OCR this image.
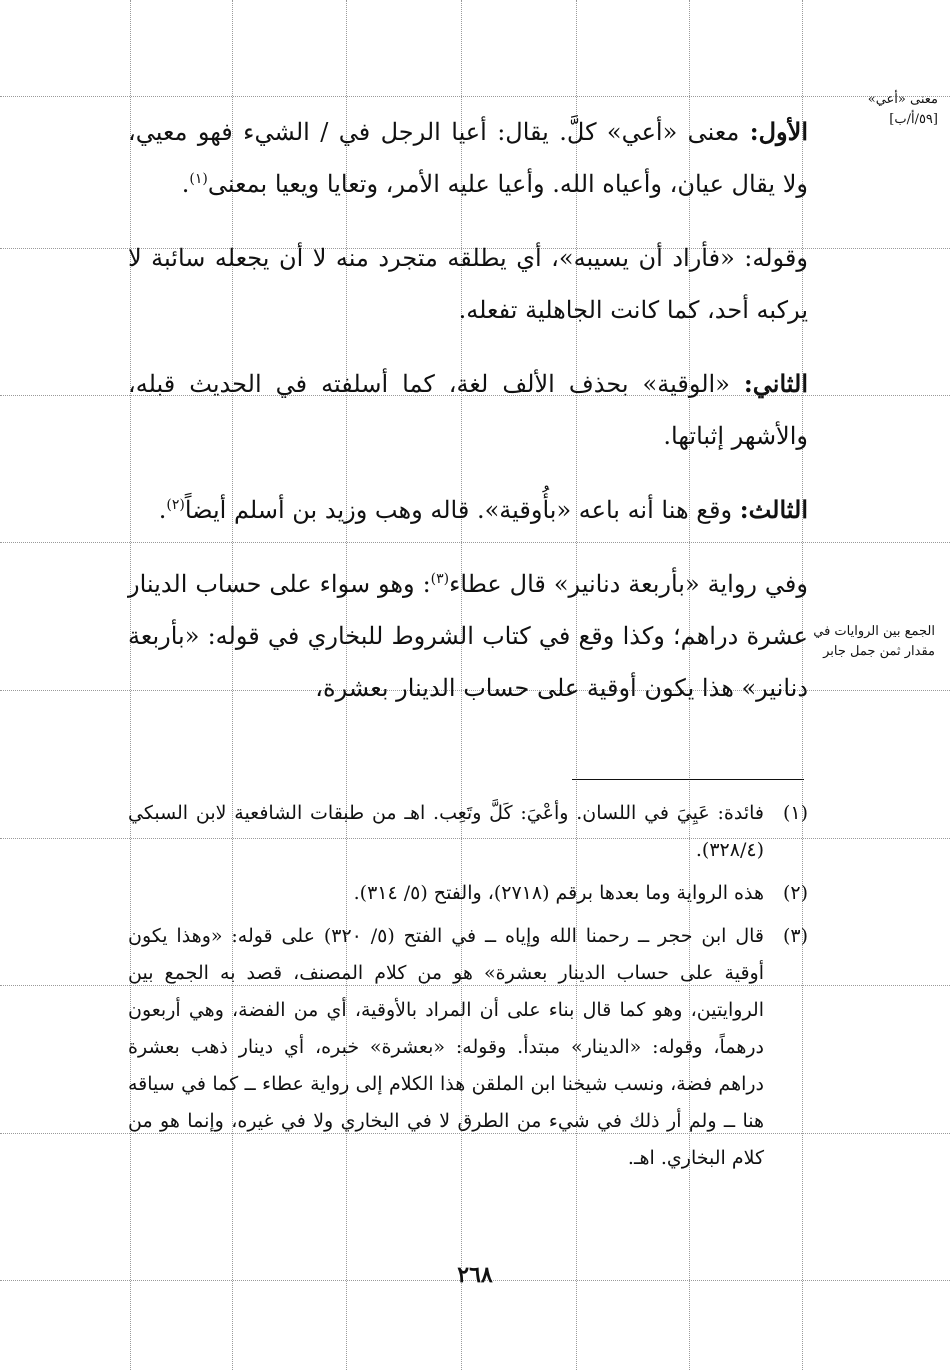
معنى «أعي»
[٥٩/أ/ب]
الجمع بين الروايات في مقدار ثمن جمل جابر

الأول: معنى «أعي» كلَّ. يقال: أعيا الرجل في / الشيء فهو معيي، ولا يقال عيان، وأعياه الله. وأعيا عليه الأمر، وتعايا ويعيا بمعنى$^{(١)}$.

وقوله: «فأراد أن يسيبه»، أي يطلقه متجرد منه لا أن يجعله سائبة لا يركبه أحد، كما كانت الجاهلية تفعله.

الثاني: «الوقية» بحذف الألف لغة، كما أسلفته في الحديث قبله، والأشهر إثباتها.

الثالث: وقع هنا أنه باعه «بأُوقية». قاله وهب وزيد بن أسلم أيضاً$^{(٢)}$.

وفي رواية «بأربعة دنانير» قال عطاء$^{(٣)}$: وهو سواء على حساب الدينار عشرة دراهم؛ وكذا وقع في كتاب الشروط للبخاري في قوله: «بأربعة دنانير» هذا يكون أوقية على حساب الدينار بعشرة،

(١)
فائدة: عَيِيَ في اللسان. وأعْيَ: كَلَّ وتَعِب. اهـ من طبقات الشافعية لابن السبكي (٣٢٨/٤).
(٢)
هذه الرواية وما بعدها برقم (٢٧١٨)، والفتح (٥/ ٣١٤).
(٣)
قال ابن حجر ــ رحمنا الله وإياه ــ في الفتح (٥/ ٣٢٠) على قوله: «وهذا يكون أوقية على حساب الدينار بعشرة» هو من كلام المصنف، قصد به الجمع بين الروايتين، وهو كما قال بناء على أن المراد بالأوقية، أي من الفضة، وهي أربعون درهماً، وقوله: «الدينار» مبتدأ. وقوله: «بعشرة» خبره، أي دينار ذهب بعشرة دراهم فضة، ونسب شيخنا ابن الملقن هذا الكلام إلى رواية عطاء ــ كما في سياقه هنا ــ ولم أر ذلك في شيء من الطرق لا في البخاري ولا في غيره، وإنما هو من كلام البخاري. اهـ.
٢٦٨
